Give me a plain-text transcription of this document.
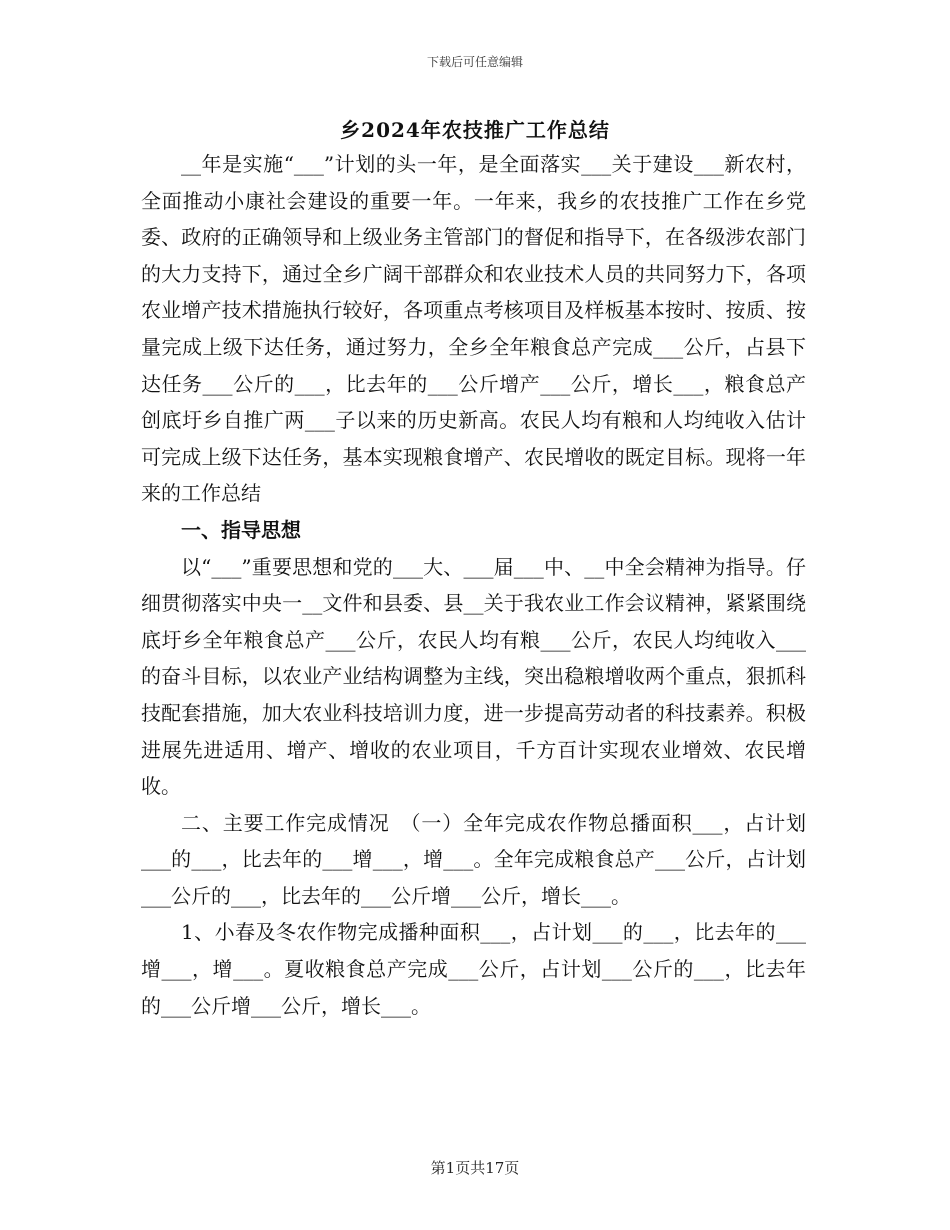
下载后可任意编辑
乡2024年农技推广工作总结

__年是实施“___”计划的头一年，是全面落实___关于建设___新农村，全面推动小康社会建设的重要一年。一年来，我乡的农技推广工作在乡党委、政府的正确领导和上级业务主管部门的督促和指导下，在各级涉农部门的大力支持下，通过全乡广阔干部群众和农业技术人员的共同努力下，各项农业增产技术措施执行较好，各项重点考核项目及样板基本按时、按质、按量完成上级下达任务，通过努力，全乡全年粮食总产完成___公斤，占县下达任务___公斤的___，比去年的___公斤增产___公斤，增长___，粮食总产创底圩乡自推广两___子以来的历史新高。农民人均有粮和人均纯收入估计可完成上级下达任务，基本实现粮食增产、农民增收的既定目标。现将一年来的工作总结

一、指导思想

以“___”重要思想和党的___大、___届___中、__中全会精神为指导。仔细贯彻落实中央一__文件和县委、县__关于我农业工作会议精神，紧紧围绕底圩乡全年粮食总产___公斤，农民人均有粮___公斤，农民人均纯收入___的奋斗目标，以农业产业结构调整为主线，突出稳粮增收两个重点，狠抓科技配套措施，加大农业科技培训力度，进一步提高劳动者的科技素养。积极进展先进适用、增产、增收的农业项目，千方百计实现农业增效、农民增收。

二、主要工作完成情况　（一）全年完成农作物总播面积___，占计划___的___，比去年的___增___，增___。全年完成粮食总产___公斤，占计划___公斤的___，比去年的___公斤增___公斤，增长___。

1、小春及冬农作物完成播种面积___，占计划___的___，比去年的___增___，增___。夏收粮食总产完成___公斤，占计划___公斤的___，比去年的___公斤增___公斤，增长___。

第1页共17页
